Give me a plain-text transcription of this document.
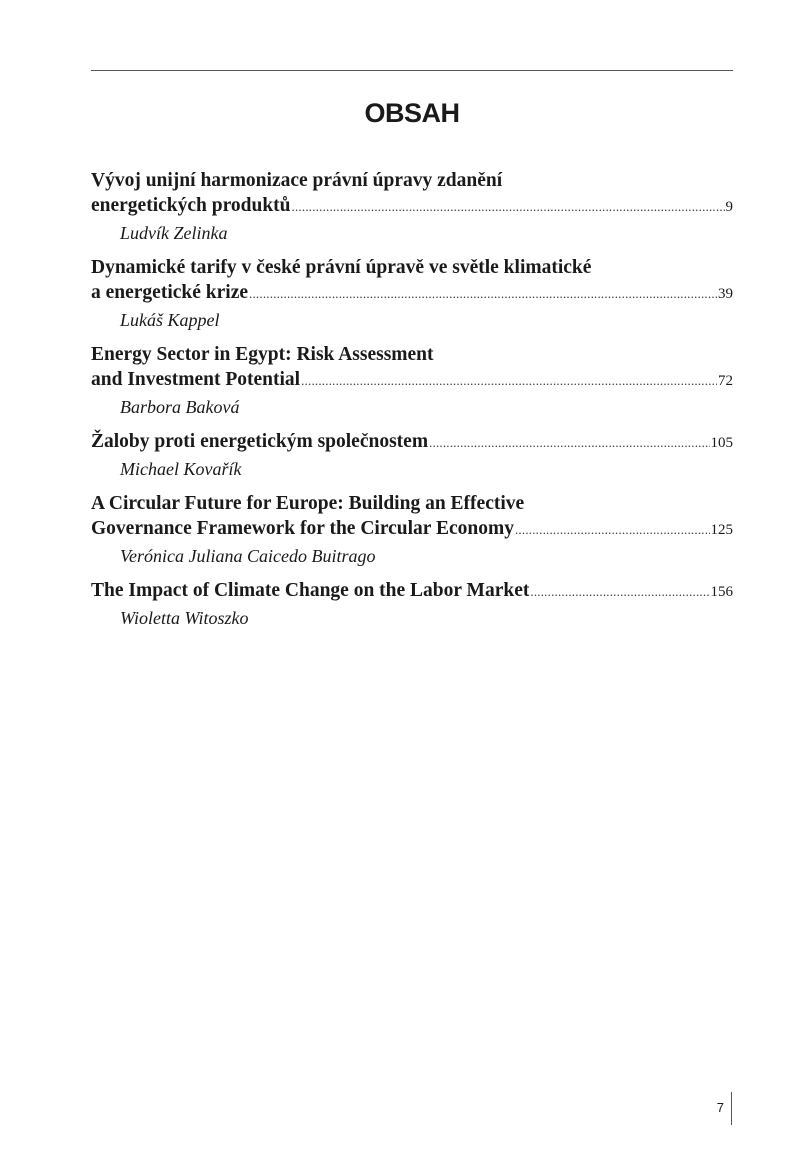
OBSAH
Vývoj unijní harmonizace právní úpravy zdanění
energetických produktů .....	9
Ludvík Zelinka
Dynamické tarify v české právní úpravě ve světle klimatické
a energetické krize .....	39
Lukáš Kappel
Energy Sector in Egypt: Risk Assessment
and Investment Potential .....	72
Barbora Baková
Žaloby proti energetickým společnostem .....	105
Michael Kovařík
A Circular Future for Europe: Building an Effective
Governance Framework for the Circular Economy .....	125
Verónica Juliana Caicedo Buitrago
The Impact of Climate Change on the Labor Market .....	156
Wioletta Witoszko
7
